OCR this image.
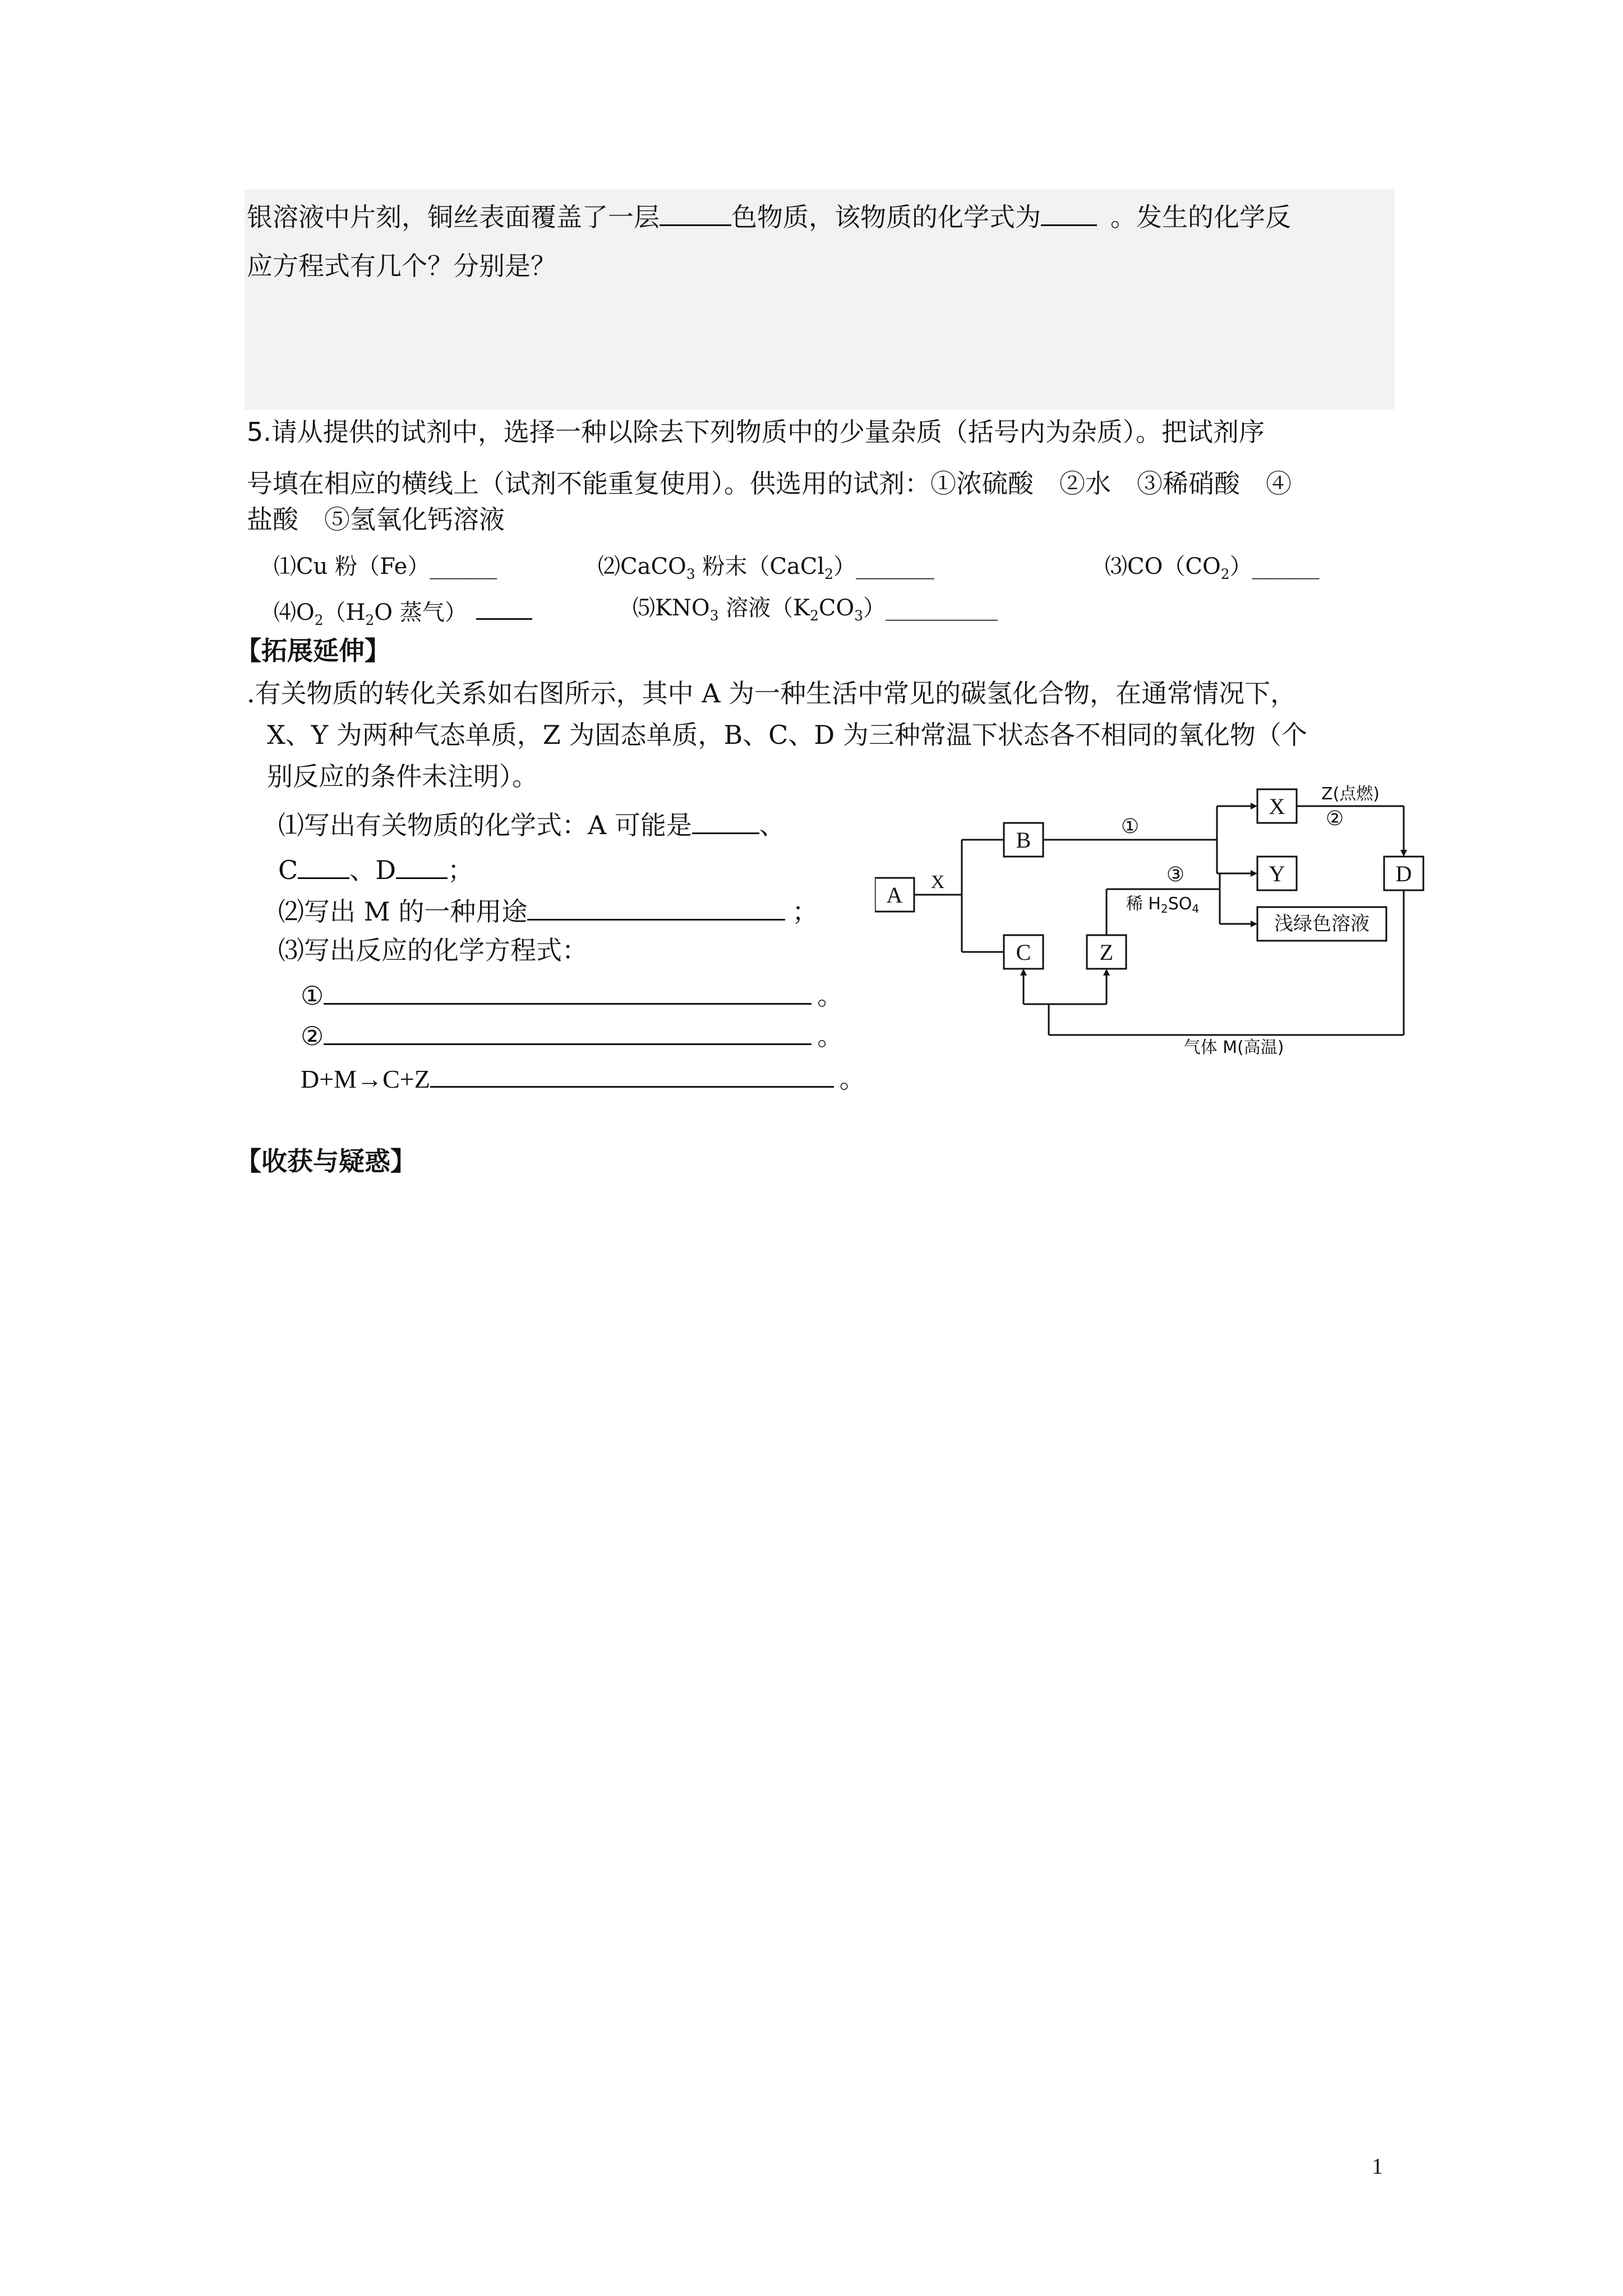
银溶液中片刻，铜丝表面覆盖了一层	色物质，该物质的化学式为	。发生的化学反
应方程式有几个？分别是？
5.请从提供的试剂中，选择一种以除去下列物质中的少量杂质（括号内为杂质）。把试剂序
号填在相应的横线上（试剂不能重复使用）。供选用的试剂：①浓硫酸　②水　③稀硝酸　④
盐酸　⑤氢氧化钙溶液
⑴Cu 粉（Fe）______	⑵CaCO$_3$ 粉末（CaCl$_2$）_______	$⑶CO(CO_2)\_\_\_\_\_\_$
$⑷O_2(H_2O$ 蒸气）	$⑸KNO_3$ 溶液$(K_2CO_3)\_\_\_\_\_\_\_\_\_\_$
【拓展延伸】
.有关物质的转化关系如右图所示，其中 A 为一种生活中常见的碳氢化合物，在通常情况下，
X、Y 为两种气态单质，Z 为固态单质，B、C、D 为三种常温下状态各不相同的氧化物（个
别反应的条件未注明）。
⑴写出有关物质的化学式：A 可能是	、
C 、D ；
⑵写出 M 的一种用途	；
⑶写出反应的化学方程式：
①	。
②	。
D+M→C+Z	。
A
B
C	Z
X
Y	D
X
①	②
③
Z(点燃)
浅绿色溶液
气体 M(高温)
稀 $H_2SO_4$
【收获与疑惑】
1
